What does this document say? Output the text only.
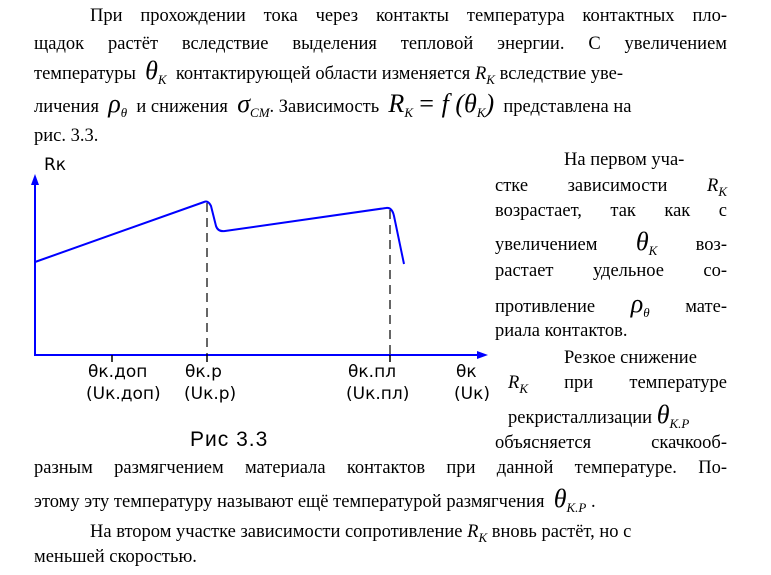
При прохождении тока через контакты температура контактных пло-
щадок растёт вследствие выделения тепловой энергии. С увеличением
температуры $\theta_K$ контактирующей области изменяется $R_K$ вследствие уве-
личения $\rho_\theta$ и снижения $\sigma_{CM}$. Зависимость $R_K = f$ $(\theta_K)$ представлена на
рис. 3.3.
На первом уча-
стке зависимости $R_K$
возрастает, так как с
увеличением $\theta_K$ воз-
растает удельное со-
противление $\rho_\theta$ мате-
риала контактов.
Резкое снижение
$R_K$ при температуре
рекристаллизации $\theta_{K.P}$
объясняется скачкооб-
разным размягчением материала контактов при данной температуре. По-
этому эту температуру называют ещё температурой размягчения $\theta_{K.P}$ .
На втором участке зависимости сопротивление $R_K$ вновь растёт, но с
меньшей скоростью.
Rк
θк.доп
(Uк.доп)
θк.р
(Uк.р)
θк.пл
(Uк.пл)
θк
(Uк)
Рис 3.3
